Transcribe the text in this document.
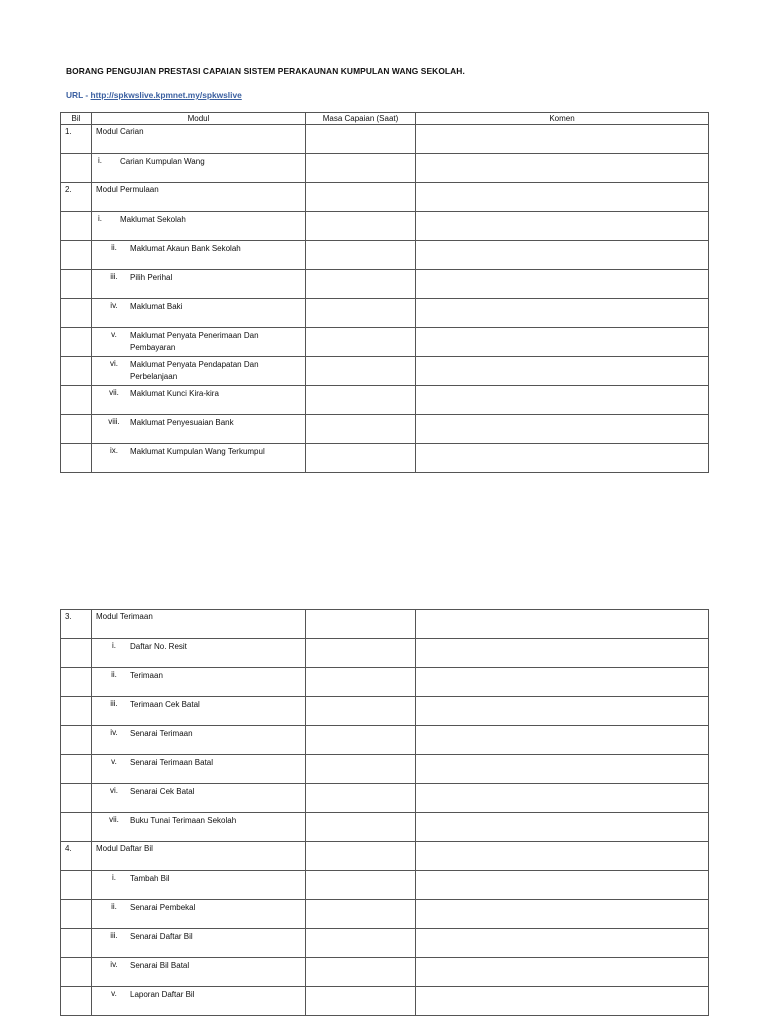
BORANG PENGUJIAN PRESTASI CAPAIAN SISTEM PERAKAUNAN KUMPULAN WANG SEKOLAH.
URL - http://spkwslive.kpmnet.my/spkwslive
Bil	Modul	Masa Capaian (Saat)	Komen
1.	Modul Carian		

	i. Carian Kumpulan Wang		

2.	Modul Permulaan		

	i. Maklumat Sekolah		

	ii. Maklumat Akaun Bank Sekolah		

	iii. Pilih Perihal		

	iv. Maklumat Baki		

	v. Maklumat Penyata Penerimaan Dan Pembayaran		

	vi. Maklumat Penyata Pendapatan Dan Perbelanjaan		

	vii. Maklumat Kunci Kira-kira		

	viii. Maklumat Penyesuaian Bank		

	ix. Maklumat Kumpulan Wang Terkumpul		

3.	Modul Terimaan		

	i. Daftar No. Resit		

	ii. Terimaan		

	iii. Terimaan Cek Batal		

	iv. Senarai Terimaan		

	v. Senarai Terimaan Batal		

	vi. Senarai Cek Batal		

	vii. Buku Tunai Terimaan Sekolah		

4.	Modul Daftar Bil		

	i. Tambah Bil		

	ii. Senarai Pembekal		

	iii. Senarai Daftar Bil		

	iv. Senarai Bil Batal		

	v. Laporan Daftar Bil		
